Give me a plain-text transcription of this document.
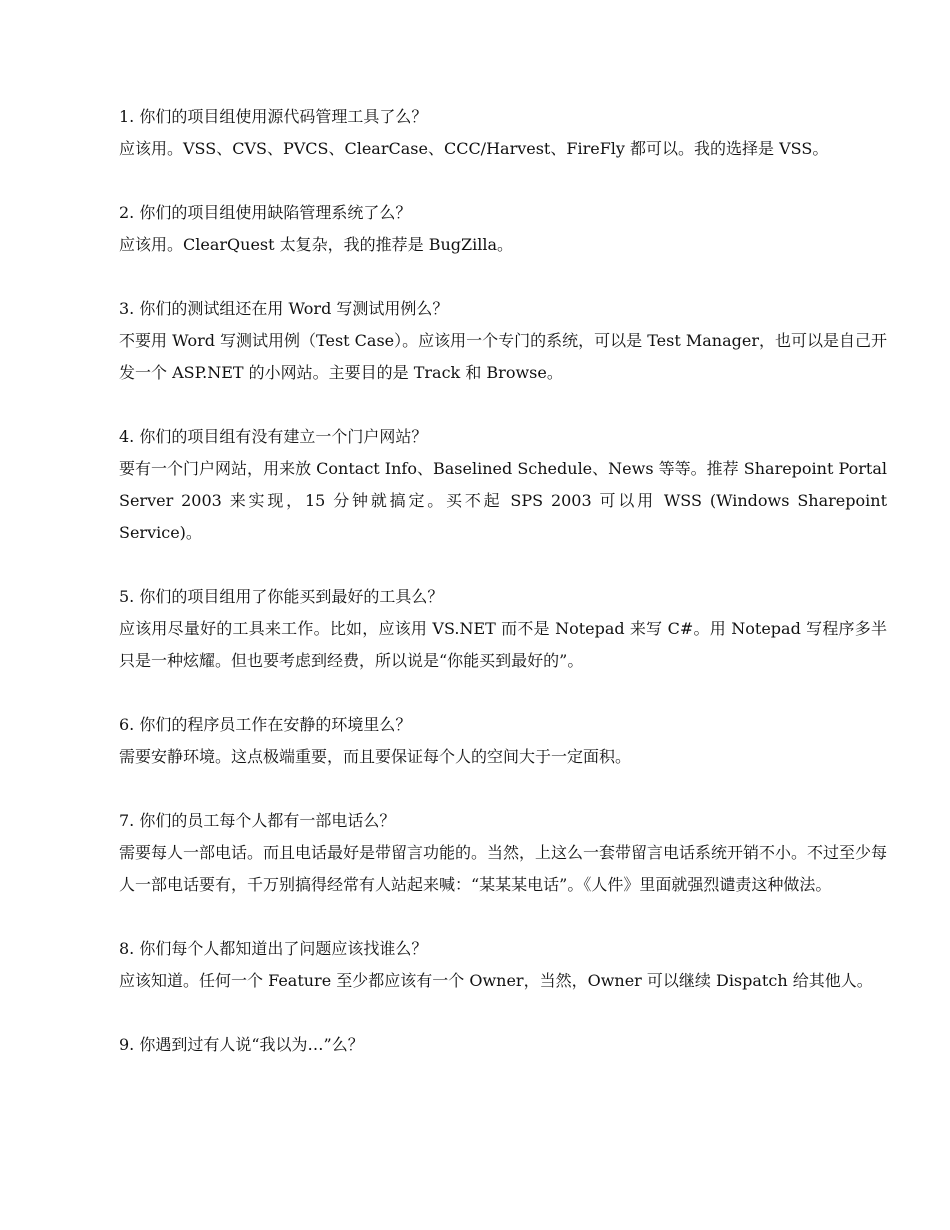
1. 你们的项目组使用源代码管理工具了么？

应该用。VSS、CVS、PVCS、ClearCase、CCC/Harvest、FireFly 都可以。我的选择是 VSS。

2. 你们的项目组使用缺陷管理系统了么？

应该用。ClearQuest 太复杂，我的推荐是 BugZilla。

3. 你们的测试组还在用 Word 写测试用例么？

不要用 Word 写测试用例（Test Case）。应该用一个专门的系统，可以是 Test Manager，也可以是自己开发一个 ASP.NET 的小网站。主要目的是 Track 和 Browse。

4. 你们的项目组有没有建立一个门户网站？

要有一个门户网站，用来放 Contact Info、Baselined Schedule、News 等等。推荐 Sharepoint Portal Server 2003 来实现，15 分钟就搞定。买不起 SPS 2003 可以用 WSS (Windows Sharepoint Service)。

5. 你们的项目组用了你能买到最好的工具么？

应该用尽量好的工具来工作。比如，应该用 VS.NET 而不是 Notepad 来写 C#。用 Notepad 写程序多半只是一种炫耀。但也要考虑到经费，所以说是“你能买到最好的”。

6. 你们的程序员工作在安静的环境里么？

需要安静环境。这点极端重要，而且要保证每个人的空间大于一定面积。

7. 你们的员工每个人都有一部电话么？

需要每人一部电话。而且电话最好是带留言功能的。当然，上这么一套带留言电话系统开销不小。不过至少每人一部电话要有，千万别搞得经常有人站起来喊：“某某某电话”。《人件》里面就强烈谴责这种做法。

8. 你们每个人都知道出了问题应该找谁么？

应该知道。任何一个 Feature 至少都应该有一个 Owner，当然，Owner 可以继续 Dispatch 给其他人。

9. 你遇到过有人说“我以为…”么？
